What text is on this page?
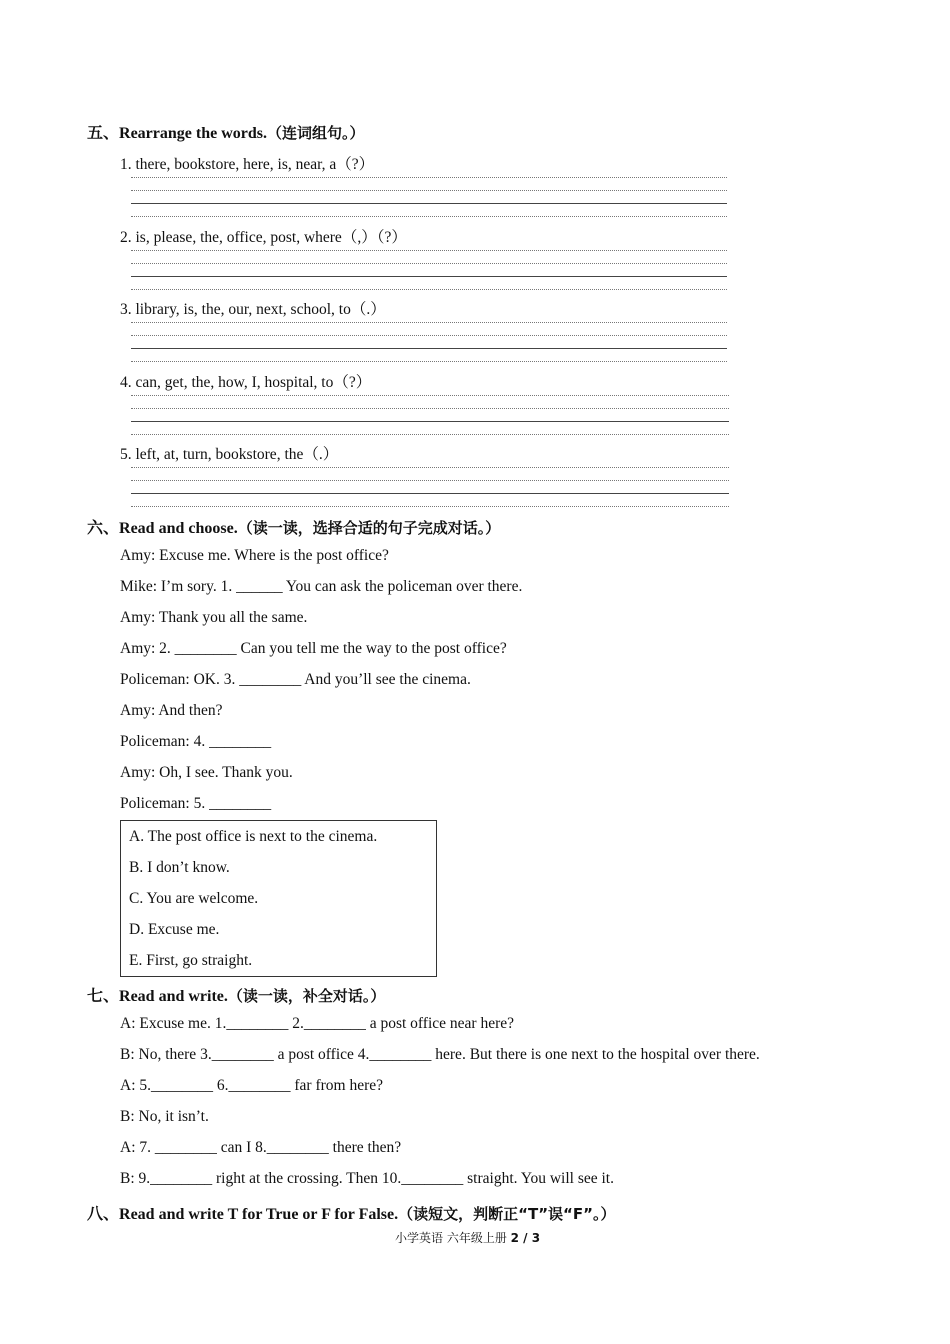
五、Rearrange the words.（连词组句。）
1. there, bookstore, here, is, near, a（?）
2. is, please, the, office, post, where（,）（?）
3. library, is, the, our, next, school, to（.）
4. can, get, the, how, I, hospital, to（?）
5. left, at, turn, bookstore, the（.）
六、Read and choose.（读一读，选择合适的句子完成对话。）
Amy: Excuse me. Where is the post office?
Mike: I’m sory. 1. ______ You can ask the policeman over there.
Amy: Thank you all the same.
Amy: 2. ________ Can you tell me the way to the post office?
Policeman: OK. 3. ________ And you’ll see the cinema.
Amy: And then?
Policeman: 4. ________
Amy: Oh, I see. Thank you.
Policeman: 5. ________
A. The post office is next to the cinema.
B. I don’t know.
C. You are welcome.
D. Excuse me.
E. First, go straight.
七、Read and write.（读一读，补全对话。）
A: Excuse me. 1.________ 2.________ a post office near here?
B: No, there 3.________ a post office 4.________ here. But there is one next to the hospital over there.
A: 5.________ 6.________ far from here?
B: No, it isn’t.
A: 7. ________ can I 8.________ there then?
B: 9.________ right at the crossing. Then 10.________ straight. You will see it.
八、Read and write T for True or F for False.（读短文，判断正“T”误“F”。）
小学英语 六年级上册 2 / 3
